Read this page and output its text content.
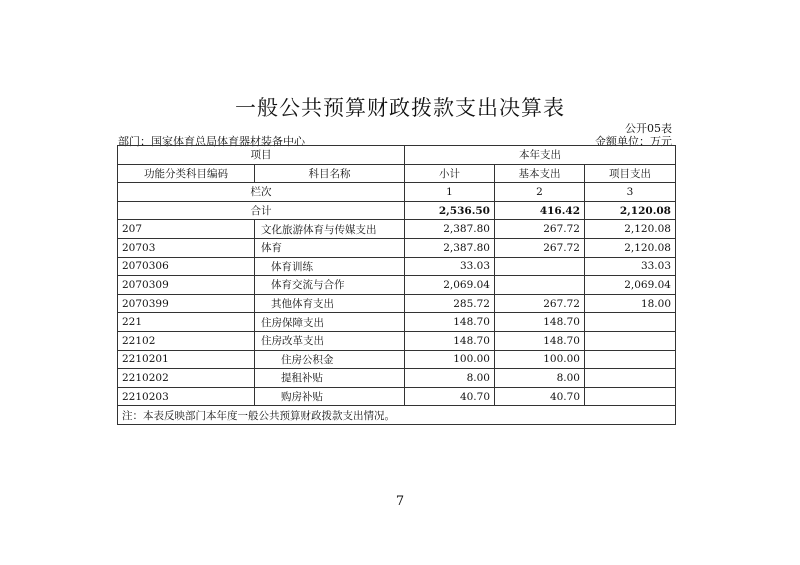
一般公共预算财政拨款支出决算表
公开05表
部门：国家体育总局体育器材装备中心	金额单位：万元
项目		本年支出		
功能分类科目编码	科目名称	小计	基本支出	项目支出
栏次		1	2	3
合计		2,536.50	416.42	2,120.08
207	文化旅游体育与传媒支出	2,387.80	267.72	2,120.08
20703	体育	2,387.80	267.72	2,120.08
2070306	体育训练	33.03		33.03
2070309	体育交流与合作	2,069.04		2,069.04
2070399	其他体育支出	285.72	267.72	18.00
221	住房保障支出	148.70	148.70	
22102	住房改革支出	148.70	148.70	
2210201	住房公积金	100.00	100.00	
2210202	提租补贴	8.00	8.00	
2210203	购房补贴	40.70	40.70	
注：本表反映部门本年度一般公共预算财政拨款支出情况。				
7
